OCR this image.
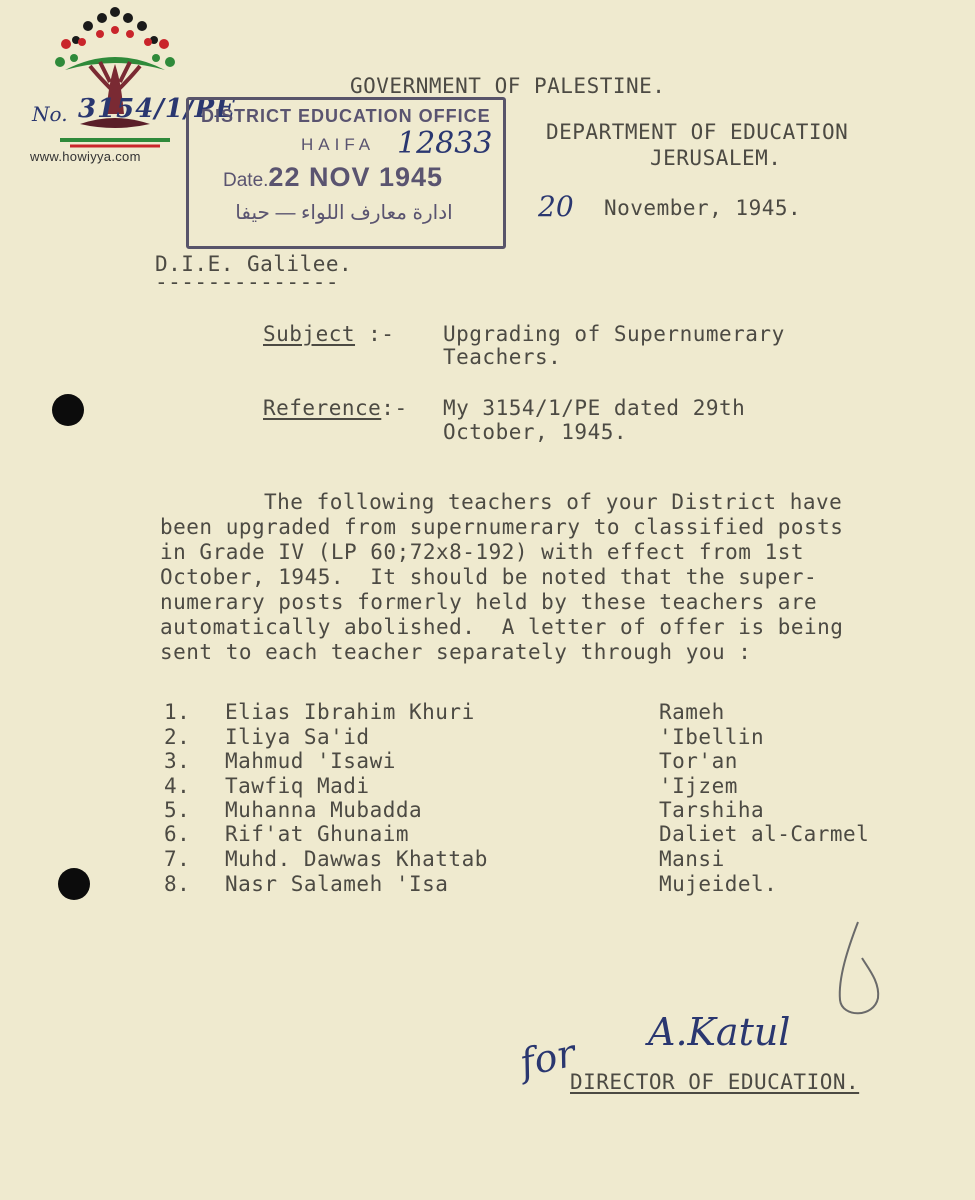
www.howiyya.com
No. 3154/1/PE
DISTRICT EDUCATION OFFICE
HAIFA 12833
Date.22 NOV 1945
ادارة معارف اللواء — حيفا
GOVERNMENT OF PALESTINE.
DEPARTMENT OF EDUCATION
JERUSALEM.
20 November, 1945.
D.I.E. Galilee.
--------------
Subject :- Upgrading of Supernumerary
Teachers.
Reference:- My 3154/1/PE dated 29th
October, 1945.
The following teachers of your District have
been upgraded from supernumerary to classified posts
in Grade IV (LP 60;72x8-192) with effect from 1st
October, 1945.  It should be noted that the super-
numerary posts formerly held by these teachers are
automatically abolished.  A letter of offer is being
sent to each teacher separately through you :
1. Elias Ibrahim Khuri	Rameh
2. Iliya Sa'id	'Ibellin
3. Mahmud 'Isawi	Tor'an
4. Tawfiq Madi	'Ijzem
5. Muhanna Mubadda	Tarshiha
6. Rif'at Ghunaim	Daliet al-Carmel
7. Muhd. Dawwas Khattab	Mansi
8. Nasr Salameh 'Isa	Mujeidel.
for A.Katul
DIRECTOR OF EDUCATION.
